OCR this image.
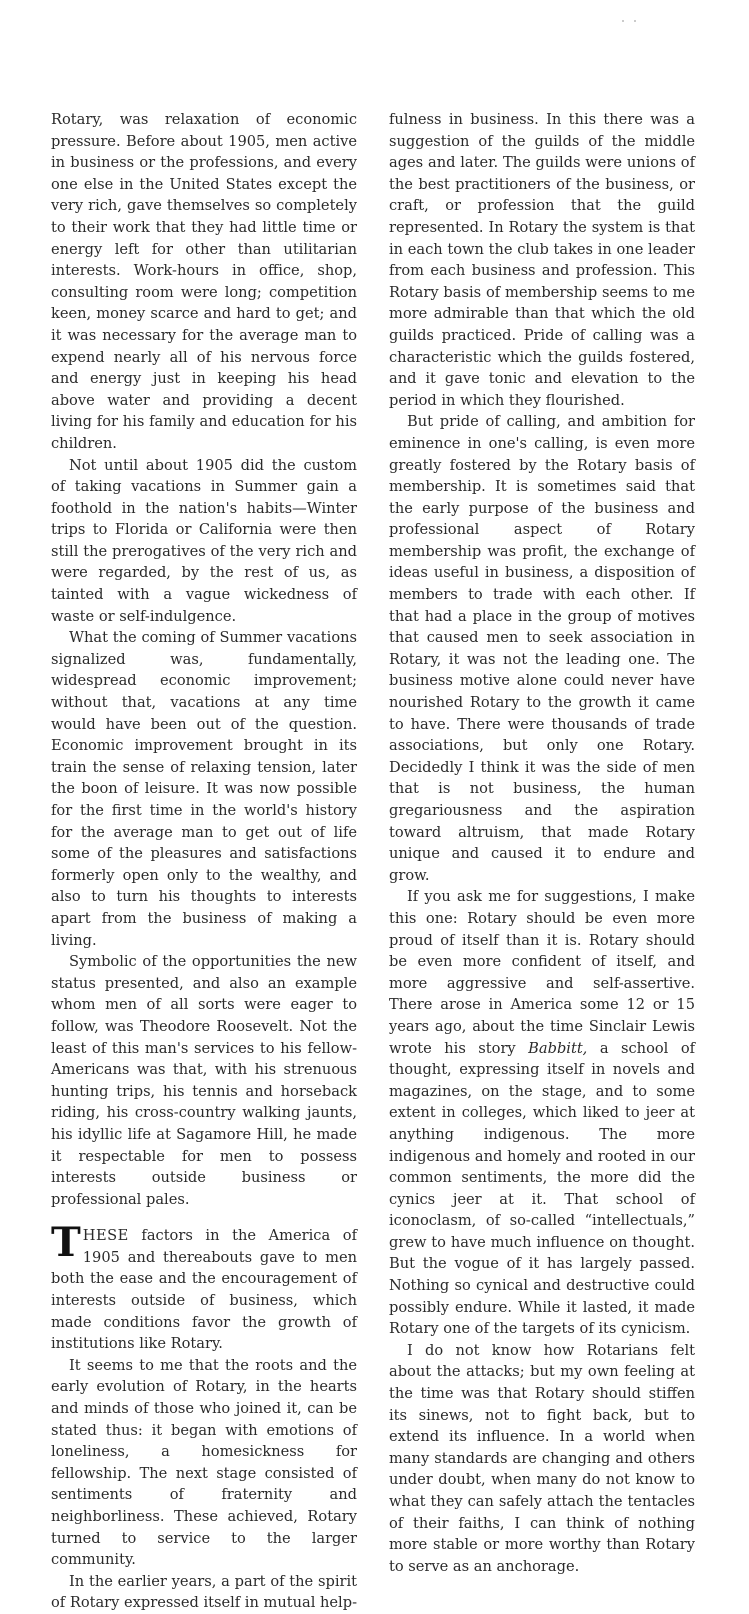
Rotary, was relaxation of economic pressure. Before about 1905, men active in business or the professions, and every one else in the United States except the very rich, gave themselves so completely to their work that they had little time or energy left for other than utilitarian interests. Work-hours in office, shop, consulting room were long; competition keen, money scarce and hard to get; and it was necessary for the average man to expend nearly all of his nervous force and energy just in keeping his head above water and providing a decent living for his family and education for his children.

Not until about 1905 did the custom of taking vacations in Summer gain a foothold in the nation's habits—Winter trips to Florida or California were then still the prerogatives of the very rich and were regarded, by the rest of us, as tainted with a vague wickedness of waste or self-indulgence.

What the coming of Summer vacations signalized was, fundamentally, widespread economic improvement; without that, vacations at any time would have been out of the question. Economic improvement brought in its train the sense of relaxing tension, later the boon of leisure. It was now possible for the first time in the world's history for the average man to get out of life some of the pleasures and satisfactions formerly open only to the wealthy, and also to turn his thoughts to interests apart from the business of making a living.

Symbolic of the opportunities the new status presented, and also an example whom men of all sorts were eager to follow, was Theodore Roosevelt. Not the least of this man's services to his fellow-Americans was that, with his strenuous hunting trips, his tennis and horseback riding, his cross-country walking jaunts, his idyllic life at Sagamore Hill, he made it respectable for men to possess interests outside business or professional pales.

THESE factors in the America of 1905 and thereabouts gave to men both the ease and the encouragement of interests outside of business, which made conditions favor the growth of institutions like Rotary.

It seems to me that the roots and the early evolution of Rotary, in the hearts and minds of those who joined it, can be stated thus: it began with emotions of loneliness, a homesickness for fellowship. The next stage consisted of sentiments of fraternity and neighborliness. These achieved, Rotary turned to service to the larger community.

In the earlier years, a part of the spirit of Rotary expressed itself in mutual help-

fulness in business. In this there was a suggestion of the guilds of the middle ages and later. The guilds were unions of the best practitioners of the business, or craft, or profession that the guild represented. In Rotary the system is that in each town the club takes in one leader from each business and profession. This Rotary basis of membership seems to me more admirable than that which the old guilds practiced. Pride of calling was a characteristic which the guilds fostered, and it gave tonic and elevation to the period in which they flourished.

But pride of calling, and ambition for eminence in one's calling, is even more greatly fostered by the Rotary basis of membership. It is sometimes said that the early purpose of the business and professional aspect of Rotary membership was profit, the exchange of ideas useful in business, a disposition of members to trade with each other. If that had a place in the group of motives that caused men to seek association in Rotary, it was not the leading one. The business motive alone could never have nourished Rotary to the growth it came to have. There were thousands of trade associations, but only one Rotary. Decidedly I think it was the side of men that is not business, the human gregariousness and the aspiration toward altruism, that made Rotary unique and caused it to endure and grow.

If you ask me for suggestions, I make this one: Rotary should be even more proud of itself than it is. Rotary should be even more confident of itself, and more aggressive and self-assertive. There arose in America some 12 or 15 years ago, about the time Sinclair Lewis wrote his story Babbitt, a school of thought, expressing itself in novels and magazines, on the stage, and to some extent in colleges, which liked to jeer at anything indigenous. The more indigenous and homely and rooted in our common sentiments, the more did the cynics jeer at it. That school of iconoclasm, of so-called “intellectuals,” grew to have much influence on thought. But the vogue of it has largely passed. Nothing so cynical and destructive could possibly endure. While it lasted, it made Rotary one of the targets of its cynicism.

I do not know how Rotarians felt about the attacks; but my own feeling at the time was that Rotary should stiffen its sinews, not to fight back, but to extend its influence. In a world when many standards are changing and others under doubt, when many do not know to what they can safely attach the tentacles of their faiths, I can think of nothing more stable or more worthy than Rotary to serve as an anchorage.
